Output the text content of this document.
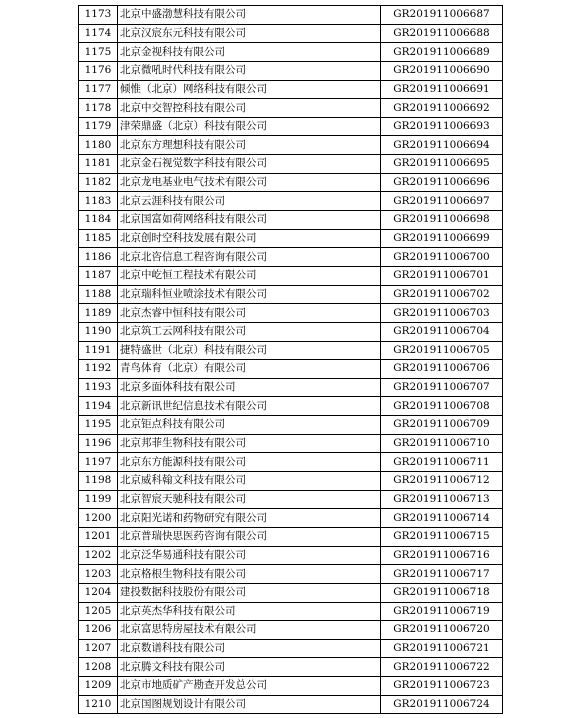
1173	北京中盛渤慧科技有限公司	GR201911006687
1174	北京汉宸东元科技有限公司	GR201911006688
1175	北京金视科技有限公司	GR201911006689
1176	北京微吼时代科技有限公司	GR201911006690
1177	倾惟（北京）网络科技有限公司	GR201911006691
1178	北京中交智控科技有限公司	GR201911006692
1179	津荣鼎盛（北京）科技有限公司	GR201911006693
1180	北京东方理想科技有限公司	GR201911006694
1181	北京金石视觉数字科技有限公司	GR201911006695
1182	北京龙电基业电气技术有限公司	GR201911006696
1183	北京云涯科技有限公司	GR201911006697
1184	北京国富如荷网络科技有限公司	GR201911006698
1185	北京创时空科技发展有限公司	GR201911006699
1186	北京北咨信息工程咨询有限公司	GR201911006700
1187	北京中屹恒工程技术有限公司	GR201911006701
1188	北京瑞科恒业喷涂技术有限公司	GR201911006702
1189	北京杰睿中恒科技有限公司	GR201911006703
1190	北京筑工云网科技有限公司	GR201911006704
1191	捷特盛世（北京）科技有限公司	GR201911006705
1192	青鸟体育（北京）有限公司	GR201911006706
1193	北京多面体科技有限公司	GR201911006707
1194	北京新讯世纪信息技术有限公司	GR201911006708
1195	北京钜点科技有限公司	GR201911006709
1196	北京邦菲生物科技有限公司	GR201911006710
1197	北京东方能源科技有限公司	GR201911006711
1198	北京威科翰文科技有限公司	GR201911006712
1199	北京智宸天驰科技有限公司	GR201911006713
1200	北京阳光诺和药物研究有限公司	GR201911006714
1201	北京普瑞快思医药咨询有限公司	GR201911006715
1202	北京泛华易通科技有限公司	GR201911006716
1203	北京格根生物科技有限公司	GR201911006717
1204	建投数据科技股份有限公司	GR201911006718
1205	北京英杰华科技有限公司	GR201911006719
1206	北京富思特房屋技术有限公司	GR201911006720
1207	北京数谱科技有限公司	GR201911006721
1208	北京腾文科技有限公司	GR201911006722
1209	北京市地质矿产勘查开发总公司	GR201911006723
1210	北京国图规划设计有限公司	GR201911006724
